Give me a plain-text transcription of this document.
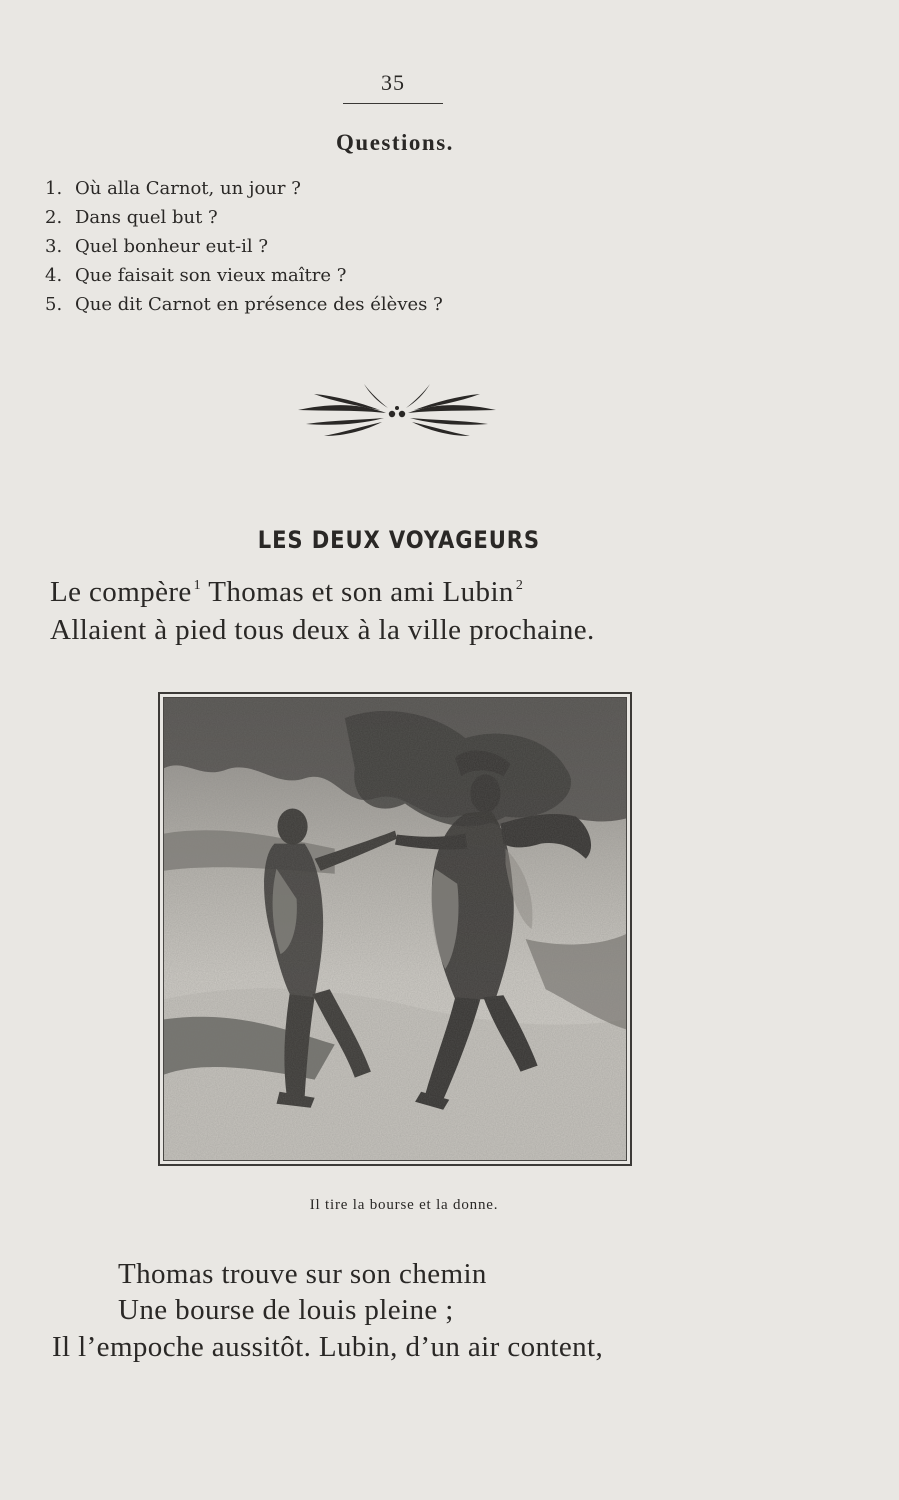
35
Questions.
1. Où alla Carnot, un jour ?
2. Dans quel but ?
3. Quel bonheur eut-il ?
4. Que faisait son vieux maître ?
5. Que dit Carnot en présence des élèves ?
LES DEUX VOYAGEURS
Le compère $^1$ Thomas et son ami Lubin $^2$
Allaient à pied tous deux à la ville prochaine.
Il tire la bourse et la donne.
Thomas trouve sur son chemin
Une bourse de louis pleine ;
Il l’empoche aussitôt. Lubin, d’un air content,
